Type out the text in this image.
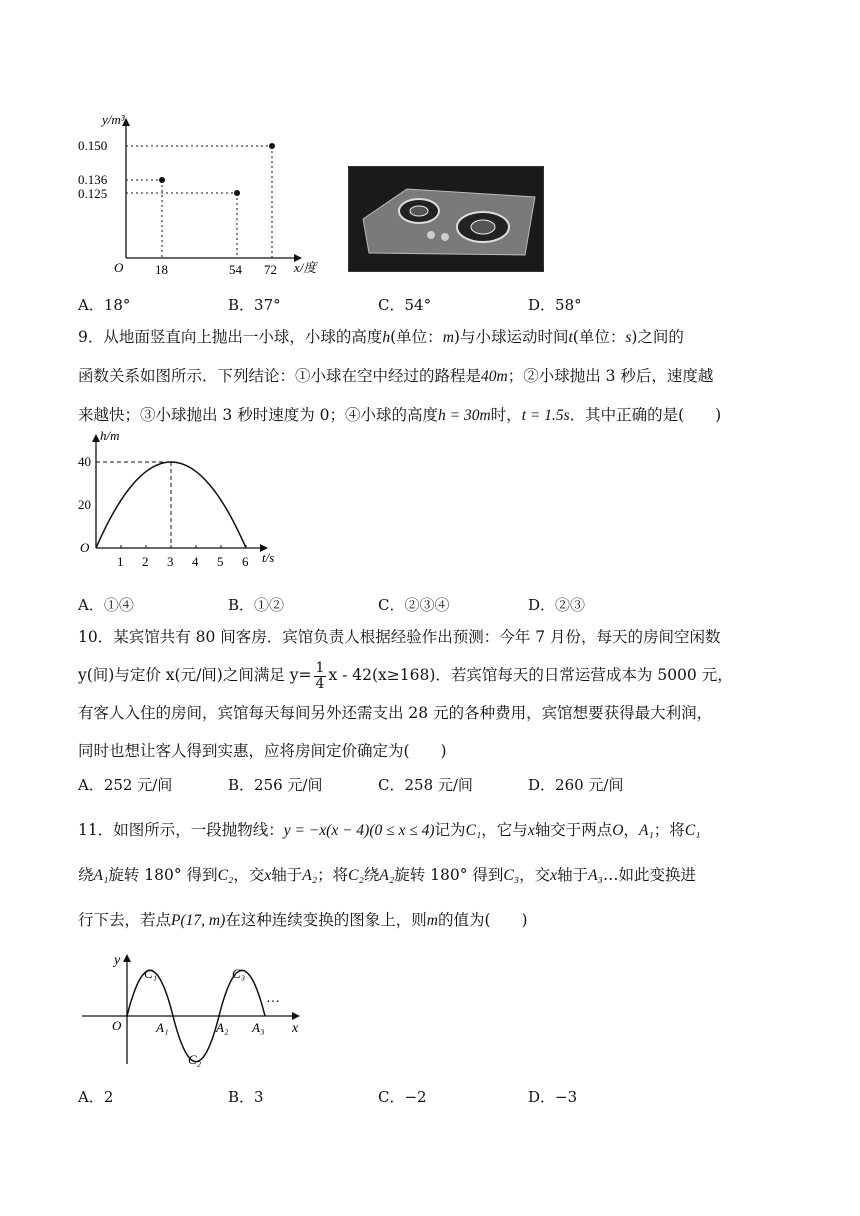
y/m³
0.150
0.136
0.125
O 18	54 72 x/度
A．18°	B．37°	C．54°	D．58°
9．从地面竖直向上抛出一小球，小球的高度h(单位：m)与小球运动时间t(单位：s)之间的
函数关系如图所示．下列结论：①小球在空中经过的路程是40m；②小球抛出 3 秒后，速度越
来越快；③小球抛出 3 秒时速度为 0；④小球的高度h = 30m时，t = 1.5s．其中正确的是(　　)
1 2 3 4 5 6
h/m
40
20
O
t/s
A．①④	B．①②	C．②③④	D．②③
10．某宾馆共有 80 间客房．宾馆负责人根据经验作出预测：今年 7 月份，每天的房间空闲数
y(间)与定价 x(元/间)之间满足 $y= \frac{1}{4}$ x - 42(x≥168)．若宾馆每天的日常运营成本为 5000 元，
有客人入住的房间，宾馆每天每间另外还需支出 28 元的各种费用，宾馆想要获得最大利润，
同时也想让客人得到实惠，应将房间定价确定为(　　)
A．252 元/间	B．256 元/间	C．258 元/间	D．260 元/间
11．如图所示，一段抛物线：y = −x(x − 4)(0 ≤ x ≤ 4)记为C₁，它与x轴交于两点O，A₁；将C₁
绕A₁旋转 180° 得到C₂，交x轴于A₂；将C₂绕A₂旋转 180° 得到C₃，交x轴于A₃…如此变换进
行下去，若点P(17, m)在这种连续变换的图象上，则m的值为(　　)
y
O
C₁
C₂
C₃
A₁	A₂ A₃
…
x
A．2	B．3	C．−2	D．−3
